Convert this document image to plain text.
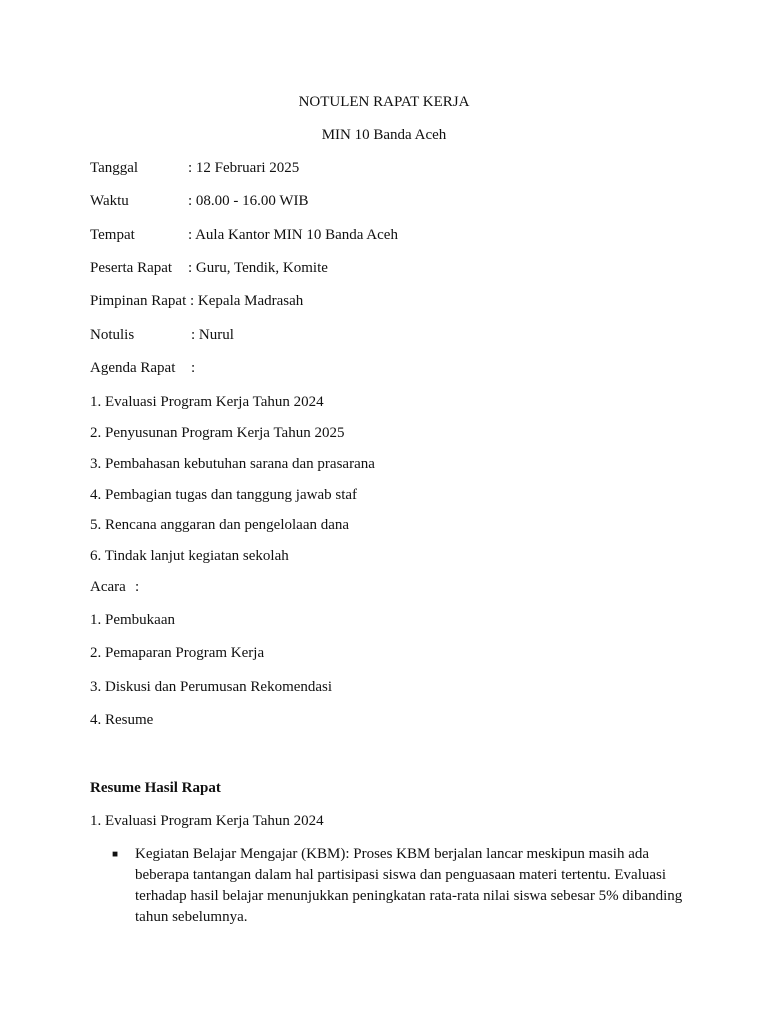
NOTULEN RAPAT KERJA
MIN 10 Banda Aceh
Tanggal	: 12 Februari 2025
Waktu	: 08.00 - 16.00 WIB
Tempat	: Aula Kantor MIN 10 Banda Aceh
Peserta Rapat : Guru, Tendik, Komite
Pimpinan Rapat : Kepala Madrasah
Notulis	: Nurul
Agenda Rapat :
1. Evaluasi Program Kerja Tahun 2024
2. Penyusunan Program Kerja Tahun 2025
3. Pembahasan kebutuhan sarana dan prasarana
4. Pembagian tugas dan tanggung jawab staf
5. Rencana anggaran dan pengelolaan dana
6. Tindak lanjut kegiatan sekolah
Acara :
1. Pembukaan
2. Pemaparan Program Kerja
3. Diskusi dan Perumusan Rekomendasi
4. Resume
Resume Hasil Rapat
1. Evaluasi Program Kerja Tahun 2024
■ Kegiatan Belajar Mengajar (KBM): Proses KBM berjalan lancar meskipun masih ada beberapa tantangan dalam hal partisipasi siswa dan penguasaan materi tertentu. Evaluasi terhadap hasil belajar menunjukkan peningkatan rata-rata nilai siswa sebesar 5% dibanding tahun sebelumnya.
